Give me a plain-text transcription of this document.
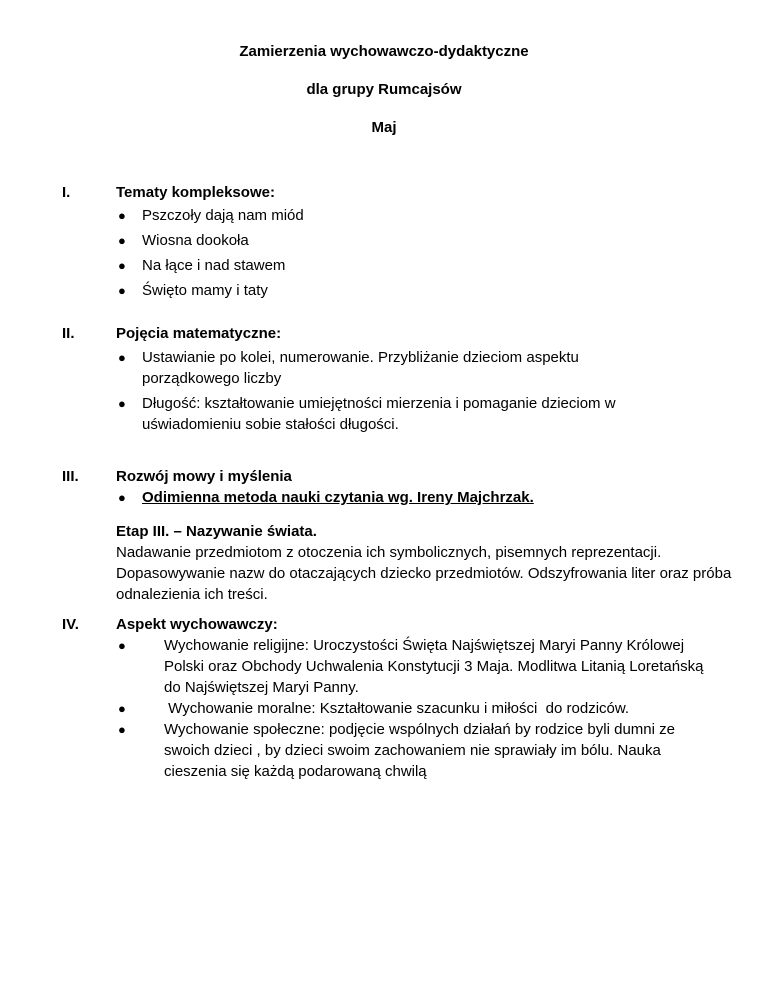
Zamierzenia wychowawczo-dydaktyczne
dla grupy Rumcajsów
Maj
I.	Tematy kompleksowe:
● Pszczoły dają nam miód
● Wiosna dookoła
● Na łące i nad stawem
● Święto mamy i taty
II.	Pojęcia matematyczne:
● Ustawianie po kolei, numerowanie. Przybliżanie dzieciom aspektu porządkowego liczby
● Długość: kształtowanie umiejętności mierzenia i pomaganie dzieciom w uświadomieniu sobie stałości długości.
III. Rozwój mowy i myślenia
● Odimienna metoda nauki czytania wg. Ireny Majchrzak.
Etap III. – Nazywanie świata.
Nadawanie przedmiotom z otoczenia ich symbolicznych, pisemnych reprezentacji. Dopasowywanie nazw do otaczających dziecko przedmiotów. Odszyfrowania liter oraz próba odnalezienia ich treści.
IV. Aspekt wychowawczy:
●	Wychowanie religijne: Uroczystości Święta Najświętszej Maryi Panny Królowej Polski oraz Obchody Uchwalenia Konstytucji 3 Maja. Modlitwa Litanią Loretańską do Najświętszej Maryi Panny.
●	Wychowanie moralne: Kształtowanie szacunku i miłości  do rodziców.
●	Wychowanie społeczne: podjęcie wspólnych działań by rodzice byli dumni ze swoich dzieci , by dzieci swoim zachowaniem nie sprawiały im bólu. Nauka cieszenia się każdą podarowaną chwilą
